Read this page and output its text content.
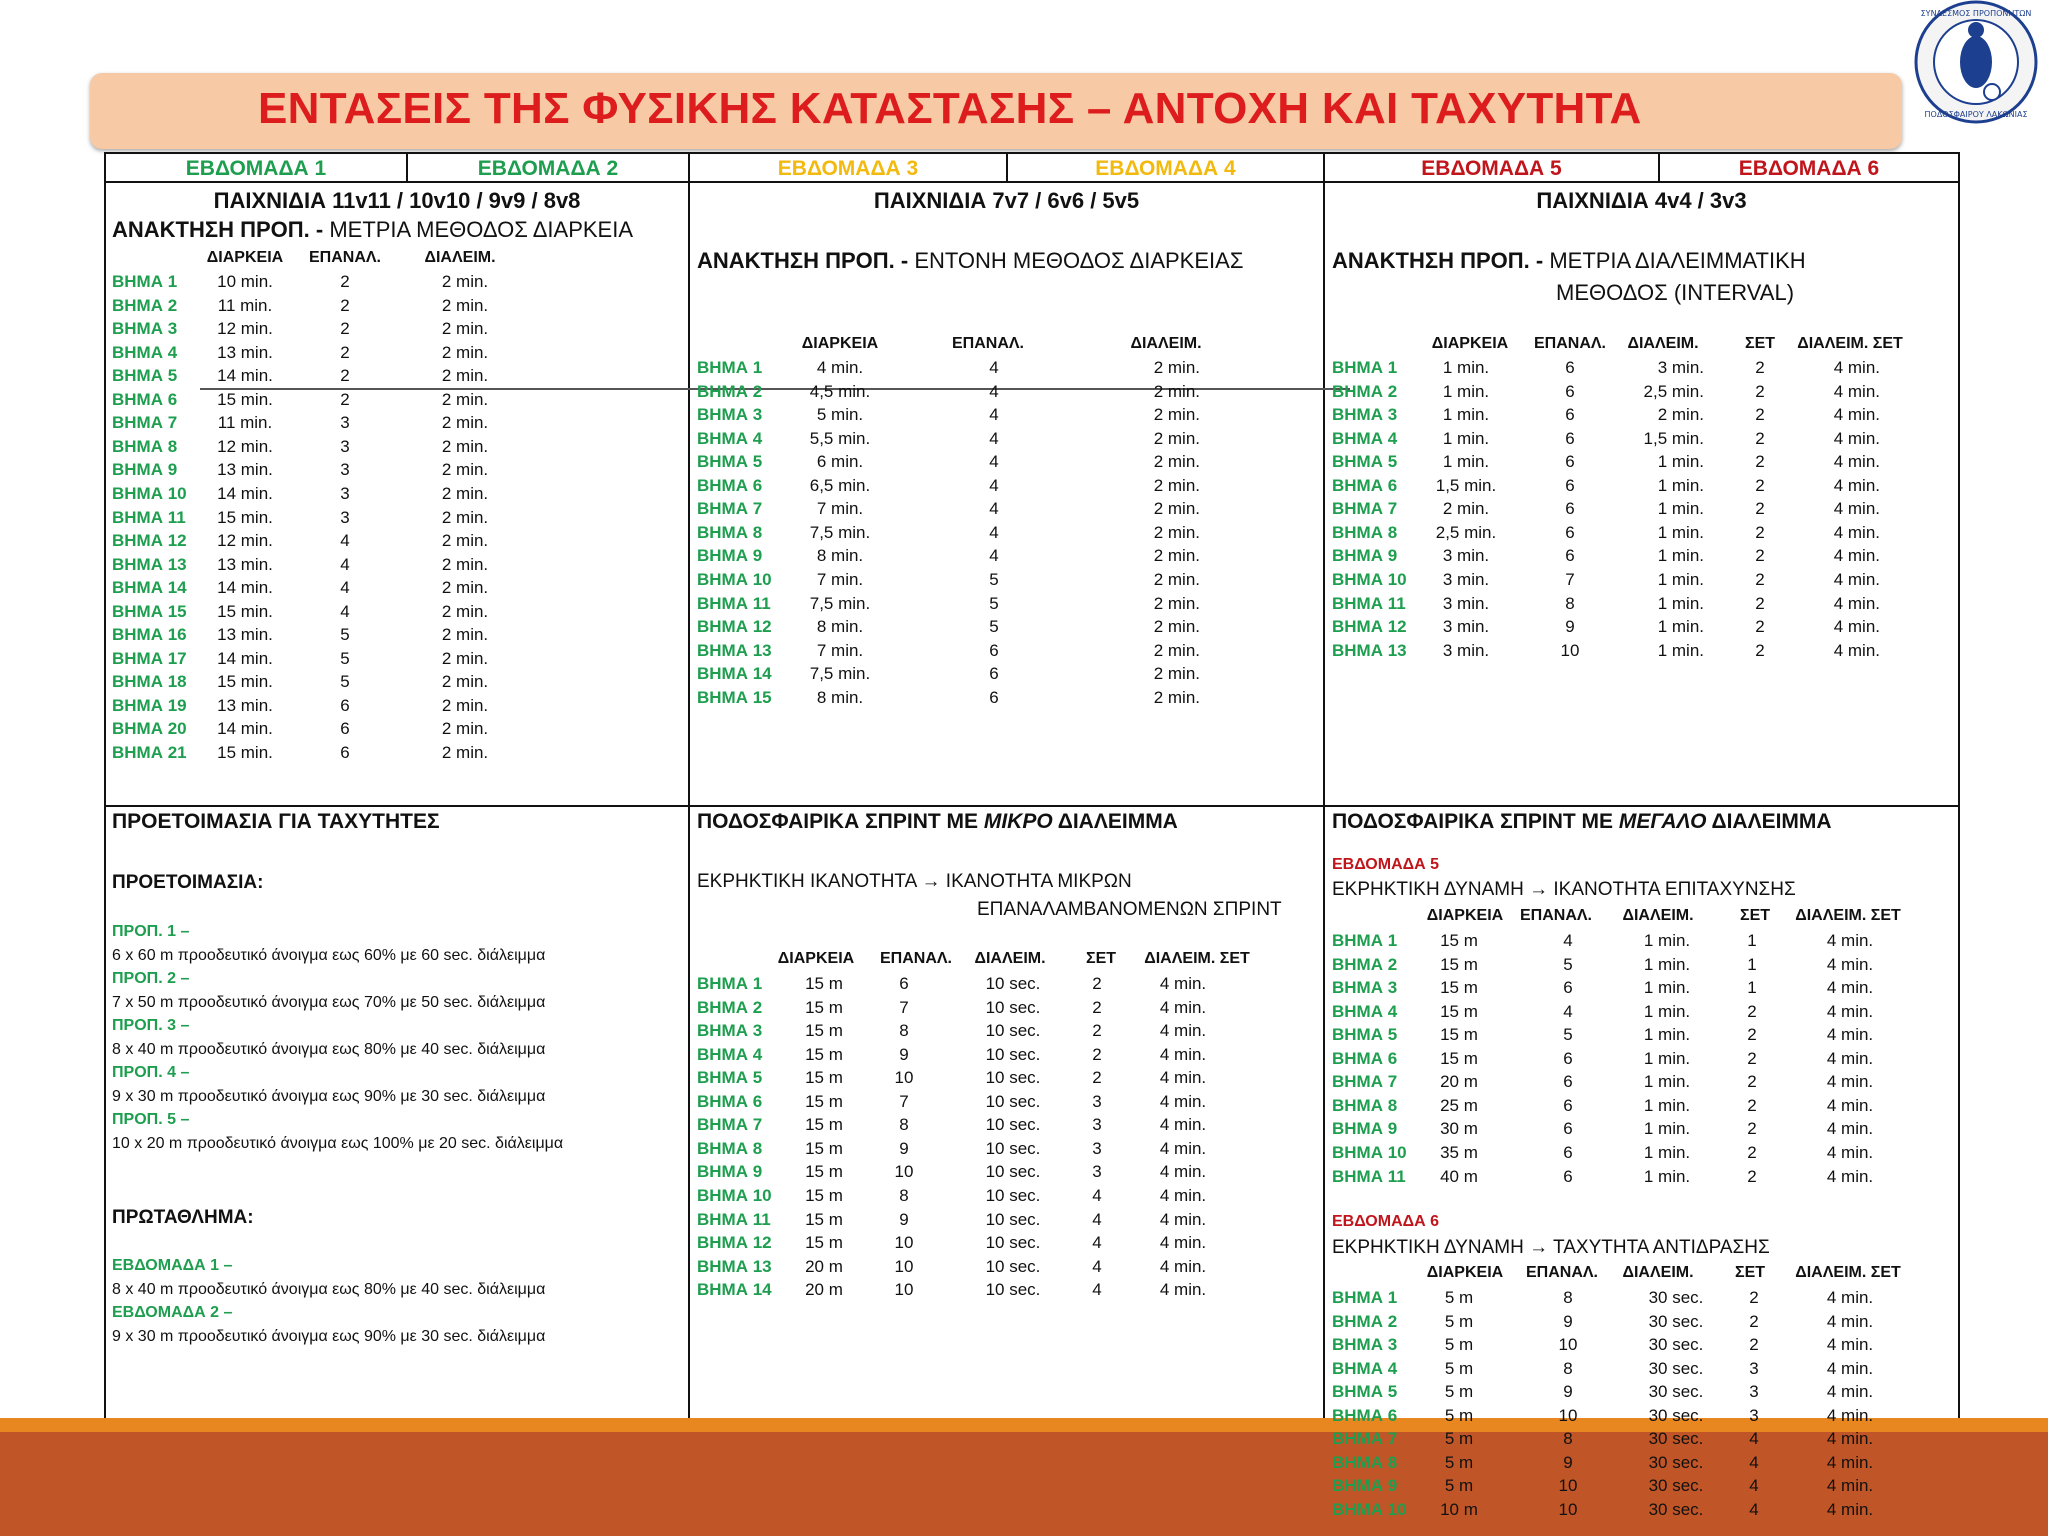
ΕΝΤΑΣΕΙΣ ΤΗΣ ΦΥΣΙΚΗΣ ΚΑΤΑΣΤΑΣΗΣ – ΑΝΤΟΧΗ ΚΑΙ ΤΑΧΥΤΗΤΑ
ΣΥΝΔΕΣΜΟΣ ΠΡΟΠΟΝΗΤΩΝ
ΠΟΔΟΣΦΑΙΡΟΥ ΛΑΚΩΝΙΑΣ
ΕΒΔΟΜΑΔΑ 1	ΕΒΔΟΜΑΔΑ 2	ΕΒΔΟΜΑΔΑ 3	ΕΒΔΟΜΑΔΑ 4	ΕΒΔΟΜΑΔΑ 5	ΕΒΔΟΜΑΔΑ 6
ΠΑΙΧΝΙΔΙΑ 11v11 / 10v10 / 9v9 / 8v8
ΑΝΑΚΤΗΣΗ ΠΡΟΠ. - ΜΕΤΡΙΑ ΜΕΘΟΔΟΣ ΔΙΑΡΚΕΙΑ
ΠΑΙΧΝΙΔΙΑ 7v7 / 6v6 / 5v5
ΑΝΑΚΤΗΣΗ ΠΡΟΠ. - ΕΝΤΟΝΗ ΜΕΘΟΔΟΣ ΔΙΑΡΚΕΙΑΣ
ΠΑΙΧΝΙΔΙΑ 4v4 / 3v3
ΑΝΑΚΤΗΣΗ ΠΡΟΠ. - ΜΕΤΡΙΑ ΔΙΑΛΕΙΜΜΑΤΙΚΗ
ΜΕΘΟΔΟΣ (INTERVAL)
ΠΡΟΕΤΟΙΜΑΣΙΑ ΓΙΑ ΤΑΧΥΤΗΤΕΣ
ΠΡΟΕΤΟΙΜΑΣΙΑ:
ΠΡΩΤΑΘΛΗΜΑ:
ΠΟΔΟΣΦΑΙΡΙΚΑ ΣΠΡΙΝΤ ΜΕ ΜΙΚΡΟ ΔΙΑΛΕΙΜΜΑ
ΕΚΡΗΚΤΙΚΗ ΙΚΑΝΟΤΗΤΑ → ΙΚΑΝΟΤΗΤΑ ΜΙΚΡΩΝ
ΕΠΑΝΑΛΑΜΒΑΝΟΜΕΝΩΝ ΣΠΡΙΝΤ
ΠΟΔΟΣΦΑΙΡΙΚΑ ΣΠΡΙΝΤ ΜΕ ΜΕΓΑΛΟ ΔΙΑΛΕΙΜΜΑ
ΕΒΔΟΜΑΔΑ 5
ΕΚΡΗΚΤΙΚΗ ΔΥΝΑΜΗ → ΙΚΑΝΟΤΗΤΑ ΕΠΙΤΑΧΥΝΣΗΣ
ΕΒΔΟΜΑΔΑ 6
ΕΚΡΗΚΤΙΚΗ ΔΥΝΑΜΗ → ΤΑΧΥΤΗΤΑ ΑΝΤΙΔΡΑΣΗΣ
ΔΙΑΡΚΕΙΑ ΕΠΑΝΑΛ.	ΔΙΑΛΕΙΜ.
ΒΗΜΑ 1 10 min.	2	2 min.
ΒΗΜΑ 2 11 min.	2	2 min.
ΒΗΜΑ 3 12 min.	2	2 min.
ΒΗΜΑ 4 13 min.	2	2 min.
ΒΗΜΑ 5 14 min.	2	2 min.
ΒΗΜΑ 6 15 min.	2	2 min.
ΒΗΜΑ 7 11 min.	3	2 min.
ΒΗΜΑ 8 12 min.	3	2 min.
ΒΗΜΑ 9 13 min.	3	2 min.
ΒΗΜΑ 10 14 min.	3	2 min.
ΒΗΜΑ 11 15 min.	3	2 min.
ΒΗΜΑ 12 12 min.	4	2 min.
ΒΗΜΑ 13 13 min.	4	2 min.
ΒΗΜΑ 14 14 min.	4	2 min.
ΒΗΜΑ 15 15 min.	4	2 min.
ΒΗΜΑ 16 13 min.	5	2 min.
ΒΗΜΑ 17 14 min.	5	2 min.
ΒΗΜΑ 18 15 min.	5	2 min.
ΒΗΜΑ 19 13 min.	6	2 min.
ΒΗΜΑ 20 14 min.	6	2 min.
ΒΗΜΑ 21 15 min.	6	2 min.
ΔΙΑΡΚΕΙΑ	ΕΠΑΝΑΛ.	ΔΙΑΛΕΙΜ.
ΒΗΜΑ 1	4 min.	4	2 min.
ΒΗΜΑ 2	4,5 min.	4	2 min.
ΒΗΜΑ 3	5 min.	4	2 min.
ΒΗΜΑ 4	5,5 min.	4	2 min.
ΒΗΜΑ 5	6 min.	4	2 min.
ΒΗΜΑ 6	6,5 min.	4	2 min.
ΒΗΜΑ 7	7 min.	4	2 min.
ΒΗΜΑ 8	7,5 min.	4	2 min.
ΒΗΜΑ 9	8 min.	4	2 min.
ΒΗΜΑ 10	7 min.	5	2 min.
ΒΗΜΑ 11 7,5 min.	5	2 min.
ΒΗΜΑ 12	8 min.	5	2 min.
ΒΗΜΑ 13	7 min.	6	2 min.
ΒΗΜΑ 14 7,5 min.	6	2 min.
ΒΗΜΑ 15	8 min.	6	2 min.
ΔΙΑΡΚΕΙΑ ΕΠΑΝΑΛ. ΔΙΑΛΕΙΜ.	ΣΕΤ ΔΙΑΛΕΙΜ. ΣΕΤ
ΒΗΜΑ 1	1 min.	6	3 min.	2	4 min.
ΒΗΜΑ 2	1 min.	6	2,5 min.	2	4 min.
ΒΗΜΑ 3	1 min.	6	2 min.	2	4 min.
ΒΗΜΑ 4	1 min.	6	1,5 min.	2	4 min.
ΒΗΜΑ 5	1 min.	6	1 min.	2	4 min.
ΒΗΜΑ 6 1,5 min.	6	1 min.	2	4 min.
ΒΗΜΑ 7	2 min.	6	1 min.	2	4 min.
ΒΗΜΑ 8 2,5 min.	6	1 min.	2	4 min.
ΒΗΜΑ 9	3 min.	6	1 min.	2	4 min.
ΒΗΜΑ 10 3 min.	7	1 min.	2	4 min.
ΒΗΜΑ 11 3 min.	8	1 min.	2	4 min.
ΒΗΜΑ 12 3 min.	9	1 min.	2	4 min.
ΒΗΜΑ 13 3 min.	10	1 min.	2	4 min.
ΔΙΑΡΚΕΙΑ ΕΠΑΝΑΛ. ΔΙΑΛΕΙΜ.	ΣΕΤ ΔΙΑΛΕΙΜ. ΣΕΤ
ΒΗΜΑ 1	15 m	6	10 sec.	2	4 min.
ΒΗΜΑ 2	15 m	7	10 sec.	2	4 min.
ΒΗΜΑ 3	15 m	8	10 sec.	2	4 min.
ΒΗΜΑ 4	15 m	9	10 sec.	2	4 min.
ΒΗΜΑ 5	15 m	10	10 sec.	2	4 min.
ΒΗΜΑ 6	15 m	7	10 sec.	3	4 min.
ΒΗΜΑ 7	15 m	8	10 sec.	3	4 min.
ΒΗΜΑ 8	15 m	9	10 sec.	3	4 min.
ΒΗΜΑ 9	15 m	10	10 sec.	3	4 min.
ΒΗΜΑ 10 15 m	8	10 sec.	4	4 min.
ΒΗΜΑ 11 15 m	9	10 sec.	4	4 min.
ΒΗΜΑ 12 15 m	10	10 sec.	4	4 min.
ΒΗΜΑ 13 20 m	10	10 sec.	4	4 min.
ΒΗΜΑ 14 20 m	10	10 sec.	4	4 min.
ΔΙΑΡΚΕΙΑ ΕΠΑΝΑΛ. ΔΙΑΛΕΙΜ.	ΣΕΤ ΔΙΑΛΕΙΜ. ΣΕΤ
ΒΗΜΑ 1	15 m	4	1 min.	1	4 min.
ΒΗΜΑ 2	15 m	5	1 min.	1	4 min.
ΒΗΜΑ 3	15 m	6	1 min.	1	4 min.
ΒΗΜΑ 4	15 m	4	1 min.	2	4 min.
ΒΗΜΑ 5	15 m	5	1 min.	2	4 min.
ΒΗΜΑ 6	15 m	6	1 min.	2	4 min.
ΒΗΜΑ 7	20 m	6	1 min.	2	4 min.
ΒΗΜΑ 8	25 m	6	1 min.	2	4 min.
ΒΗΜΑ 9	30 m	6	1 min.	2	4 min.
ΒΗΜΑ 10 35 m	6	1 min.	2	4 min.
ΒΗΜΑ 11 40 m	6	1 min.	2	4 min.
ΔΙΑΡΚΕΙΑ ΕΠΑΝΑΛ. ΔΙΑΛΕΙΜ.	ΣΕΤ ΔΙΑΛΕΙΜ. ΣΕΤ
ΒΗΜΑ 1	5 m	8	30 sec.	2	4 min.
ΒΗΜΑ 2	5 m	9	30 sec.	2	4 min.
ΒΗΜΑ 3	5 m	10	30 sec.	2	4 min.
ΒΗΜΑ 4	5 m	8	30 sec.	3	4 min.
ΒΗΜΑ 5	5 m	9	30 sec.	3	4 min.
ΒΗΜΑ 6	5 m	10	30 sec.	3	4 min.
ΒΗΜΑ 7	5 m	8	30 sec.	4	4 min.
ΒΗΜΑ 8	5 m	9	30 sec.	4	4 min.
ΒΗΜΑ 9	5 m	10	30 sec.	4	4 min.
ΒΗΜΑ 10 10 m	10	30 sec.	4	4 min.
ΠΡΟΠ. 1 –
6 x 60 m προοδευτικό άνοιγμα εως 60% με 60 sec. διάλειμμα
ΠΡΟΠ. 2 –
7 x 50 m προοδευτικό άνοιγμα εως 70% με 50 sec. διάλειμμα
ΠΡΟΠ. 3 –
8 x 40 m προοδευτικό άνοιγμα εως 80% με 40 sec. διάλειμμα
ΠΡΟΠ. 4 –
9 x 30 m προοδευτικό άνοιγμα εως 90% με 30 sec. διάλειμμα
ΠΡΟΠ. 5 –
10 x 20 m προοδευτικό άνοιγμα εως 100% με 20 sec. διάλειμμα
ΕΒΔΟΜΑΔΑ 1 –
8 x 40 m προοδευτικό άνοιγμα εως 80% με 40 sec. διάλειμμα
ΕΒΔΟΜΑΔΑ 2 –
9 x 30 m προοδευτικό άνοιγμα εως 90% με 30 sec. διάλειμμα
